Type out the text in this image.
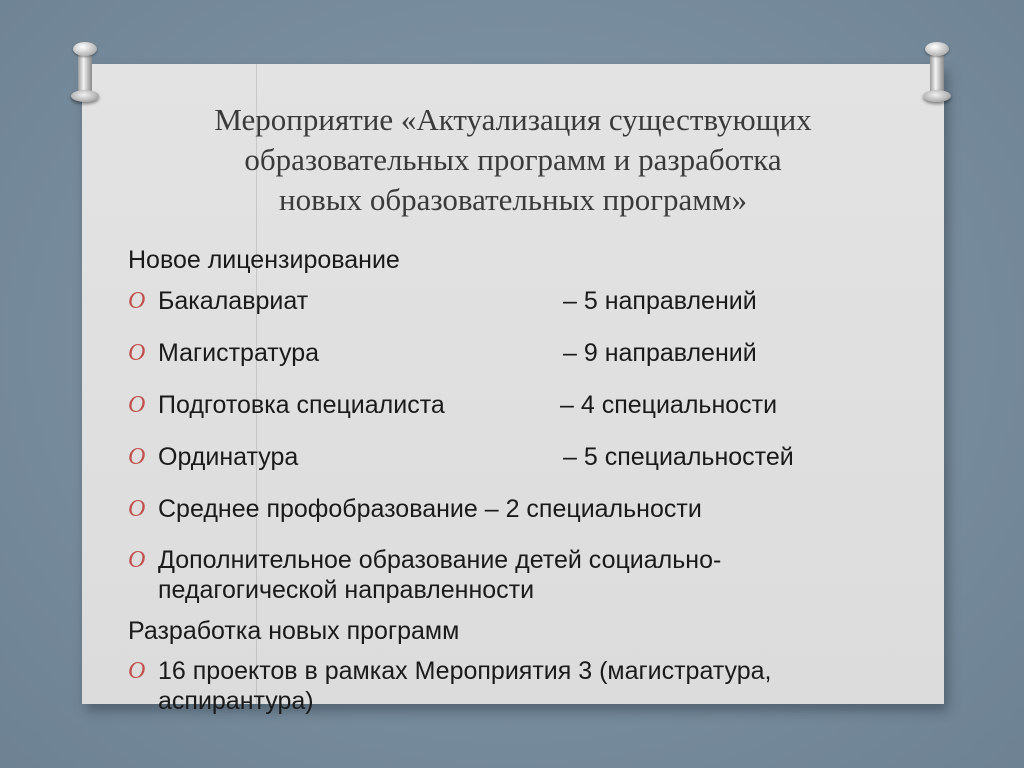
Мероприятие «Актуализация существующих
образовательных программ и разработка
новых образовательных программ»
Новое лицензирование
O Бакалавриат	– 5 направлений
O Магистратура	– 9 направлений
O Подготовка специалиста	– 4 специальности
O Ординатура	– 5 специальностей
O Среднее профобразование – 2 специальности
O Дополнительное образование детей социально-
педагогической направленности
Разработка новых программ
O 16 проектов в рамках Мероприятия 3 (магистратура,
аспирантура)
